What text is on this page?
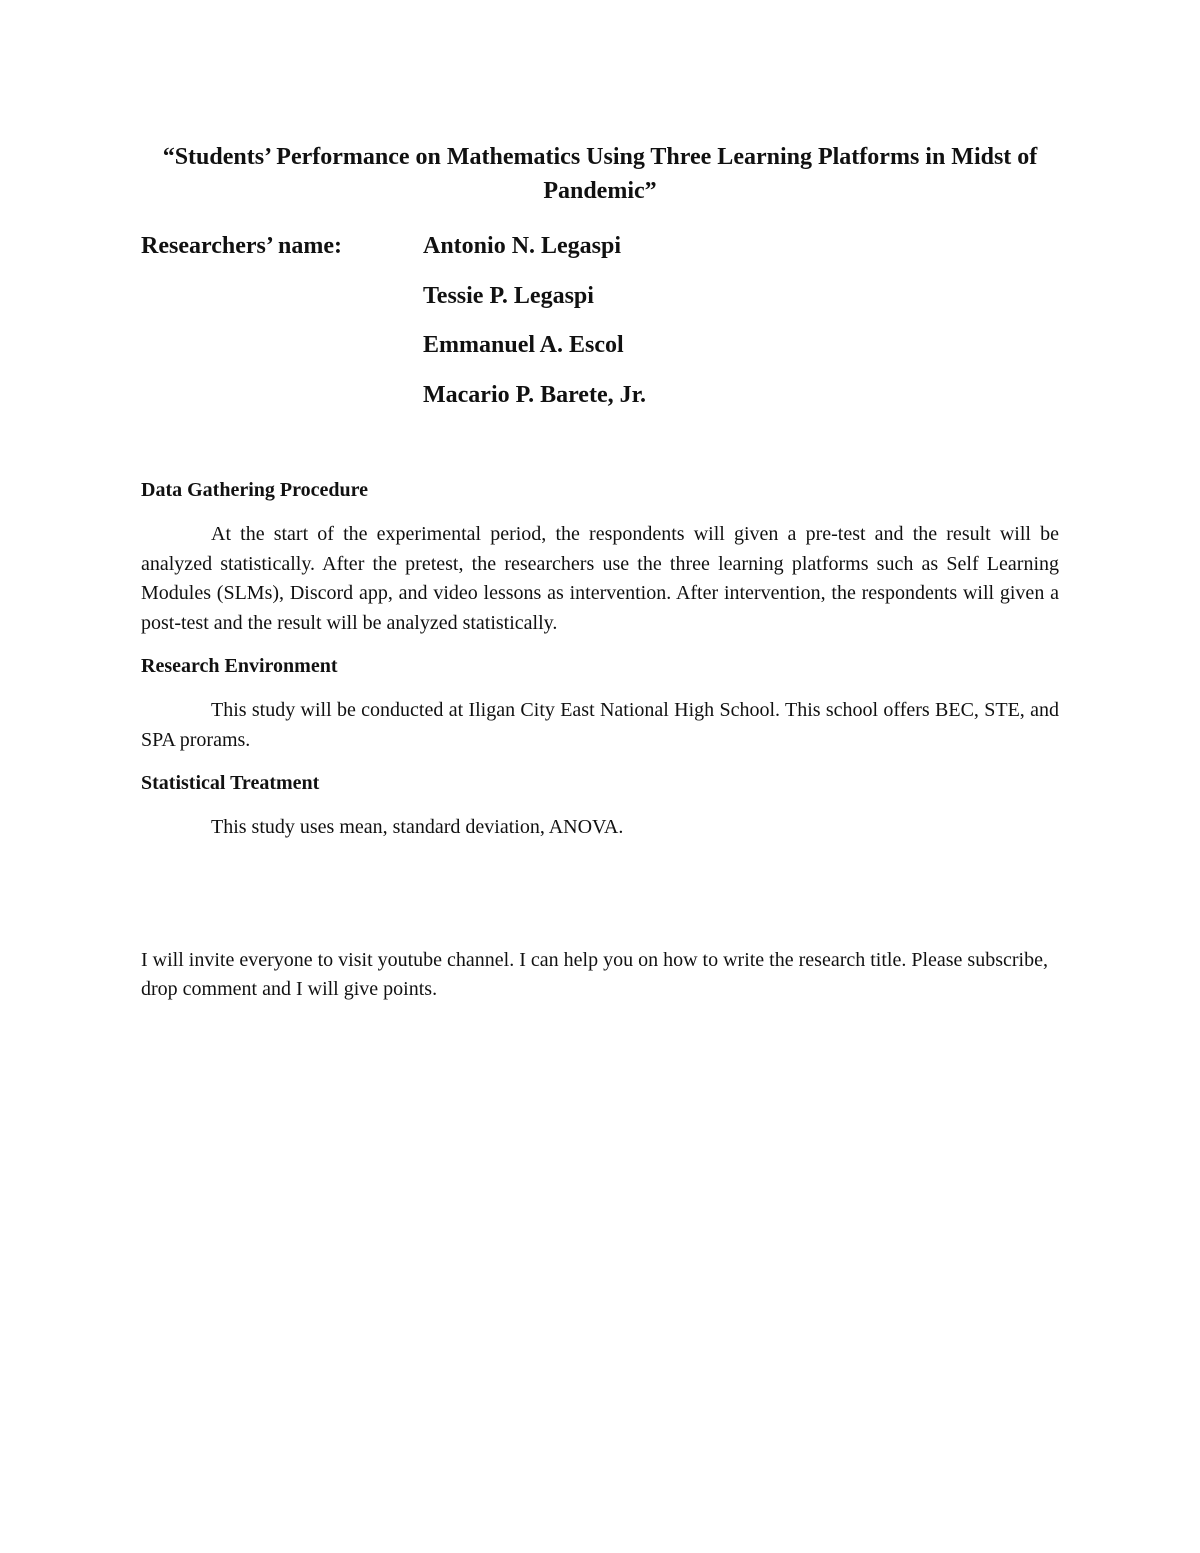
“Students’ Performance on Mathematics Using Three Learning Platforms in Midst of Pandemic”
Researchers’ name:	Antonio N. Legaspi
Tessie P. Legaspi
Emmanuel A. Escol
Macario P. Barete, Jr.
Data Gathering Procedure

At the start of the experimental period, the respondents will given a pre-test and the result will be analyzed statistically. After the pretest, the researchers use the three learning platforms such as Self Learning Modules (SLMs), Discord app, and video lessons as intervention. After intervention, the respondents will given a post-test and the result will be analyzed statistically.

Research Environment

This study will be conducted at Iligan City East National High School. This school offers BEC, STE, and SPA prorams.

Statistical Treatment

This study uses mean, standard deviation, ANOVA.

I will invite everyone to visit youtube channel. I can help you on how to write the research title. Please subscribe, drop comment and I will give points.
